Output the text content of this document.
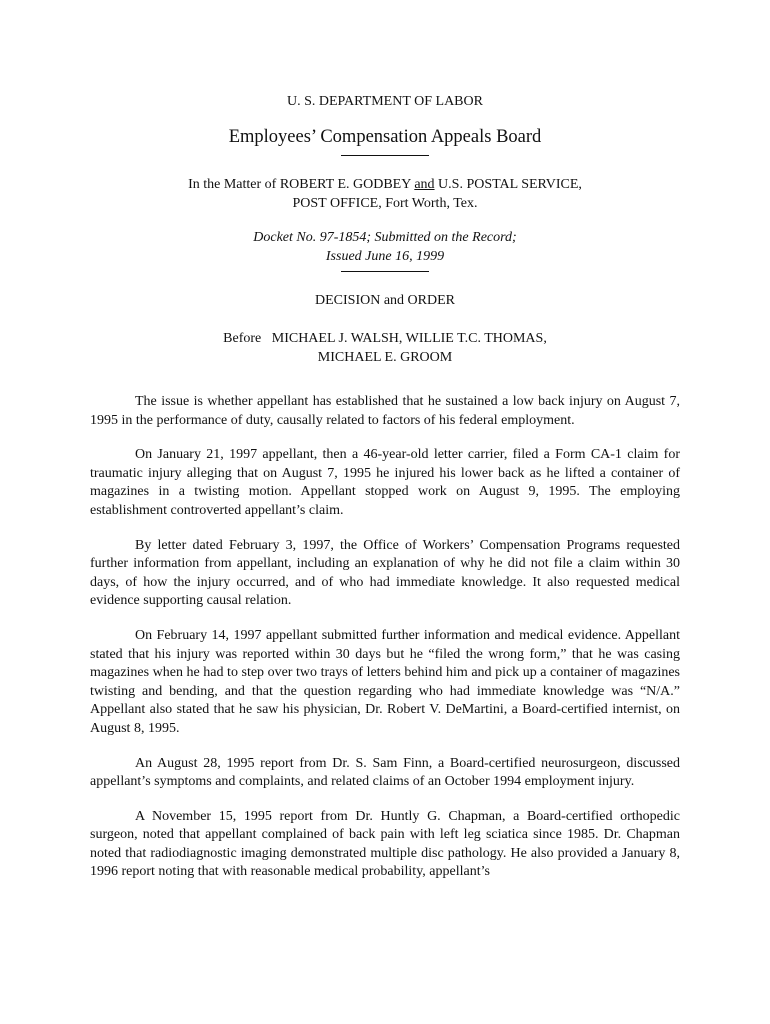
U. S. DEPARTMENT OF LABOR

Employees’ Compensation Appeals Board

In the Matter of ROBERT E. GODBEY and U.S. POSTAL SERVICE,
POST OFFICE, Fort Worth, Tex.

Docket No. 97-1854; Submitted on the Record;
Issued June 16, 1999

DECISION and ORDER

Before   MICHAEL J. WALSH, WILLIE T.C. THOMAS,
MICHAEL E. GROOM

The issue is whether appellant has established that he sustained a low back injury on August 7, 1995 in the performance of duty, causally related to factors of his federal employment.

On January 21, 1997 appellant, then a 46-year-old letter carrier, filed a Form CA-1 claim for traumatic injury alleging that on August 7, 1995 he injured his lower back as he lifted a container of magazines in a twisting motion. Appellant stopped work on August 9, 1995. The employing establishment controverted appellant’s claim.

By letter dated February 3, 1997, the Office of Workers’ Compensation Programs requested further information from appellant, including an explanation of why he did not file a claim within 30 days, of how the injury occurred, and of who had immediate knowledge. It also requested medical evidence supporting causal relation.

On February 14, 1997 appellant submitted further information and medical evidence. Appellant stated that his injury was reported within 30 days but he “filed the wrong form,” that he was casing magazines when he had to step over two trays of letters behind him and pick up a container of magazines twisting and bending, and that the question regarding who had immediate knowledge was “N/A.” Appellant also stated that he saw his physician, Dr. Robert V. DeMartini, a Board-certified internist, on August 8, 1995.

An August 28, 1995 report from Dr. S. Sam Finn, a Board-certified neurosurgeon, discussed appellant’s symptoms and complaints, and related claims of an October 1994 employment injury.

A November 15, 1995 report from Dr. Huntly G. Chapman, a Board-certified orthopedic surgeon, noted that appellant complained of back pain with left leg sciatica since 1985. Dr. Chapman noted that radiodiagnostic imaging demonstrated multiple disc pathology. He also provided a January 8, 1996 report noting that with reasonable medical probability, appellant’s
